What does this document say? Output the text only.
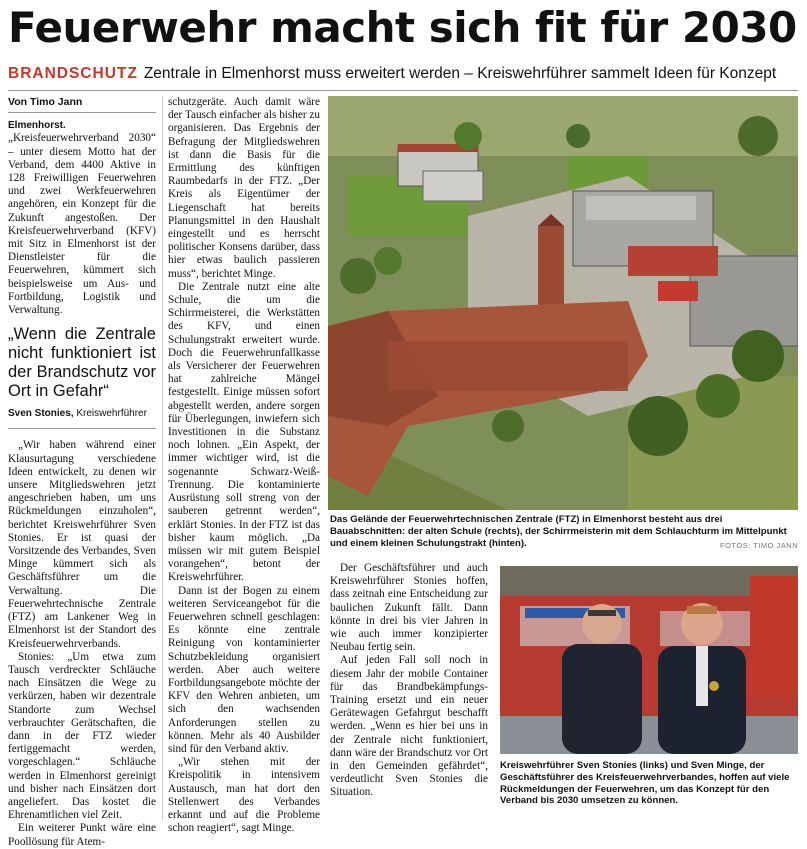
Feuerwehr macht sich fit für 2030
BRANDSCHUTZ Zentrale in Elmenhorst muss erweitert werden – Kreiswehrführer sammelt Ideen für Konzept

Von Timo Jann

Elmenhorst. „Kreisfeuerwehrverband 2030“ – unter diesem Motto hat der Verband, dem 4400 Aktive in 128 Freiwilligen Feuerwehren und zwei Werkfeuerwehren angehören, ein Konzept für die Zukunft angestoßen. Der Kreisfeuerwehrverband (KFV) mit Sitz in Elmenhorst ist der Dienstleister für die Feuerwehren, kümmert sich beispielsweise um Aus- und Fortbildung, Logistik und Verwaltung.

„Wenn die Zentrale nicht funktioniert ist der Brandschutz vor Ort in Gefahr“
Sven Stonies, Kreiswehrführer

„Wir haben während einer Klausurtagung verschiedene Ideen entwickelt, zu denen wir unsere Mitgliedswehren jetzt angeschrieben haben, um uns Rückmeldungen einzuholen“, berichtet Kreiswehrführer Sven Stonies. Er ist quasi der Vorsitzende des Verbandes, Sven Minge kümmert sich als Geschäftsführer um die Verwaltung. Die Feuerwehrtechnische Zentrale (FTZ) am Lankener Weg in Elmenhorst ist der Standort des Kreisfeuerwehrverbands.

Stonies: „Um etwa zum Tausch verdreckter Schläuche nach Einsätzen die Wege zu verkürzen, haben wir dezentrale Standorte zum Wechsel verbrauchter Gerätschaften, die dann in der FTZ wieder fertiggemacht werden, vorgeschlagen.“ Schläuche werden in Elmenhorst gereinigt und bisher nach Einsätzen dort angeliefert. Das kostet die Ehrenamtlichen viel Zeit.

Ein weiterer Punkt wäre eine Poollösung für Atem-

schutzgeräte. Auch damit wäre der Tausch einfacher als bisher zu organisieren. Das Ergebnis der Befragung der Mitgliedswehren ist dann die Basis für die Ermittlung des künftigen Raumbedarfs in der FTZ. „Der Kreis als Eigentümer der Liegenschaft hat bereits Planungsmittel in den Haushalt eingestellt und es herrscht politischer Konsens darüber, dass hier etwas baulich passieren muss“, berichtet Minge.

Die Zentrale nutzt eine alte Schule, die um die Schirrmeisterei, die Werkstätten des KFV, und einen Schulungstrakt erweitert wurde. Doch die Feuerwehrunfallkasse als Versicherer der Feuerwehren hat zahlreiche Mängel festgestellt. Einige müssen sofort abgestellt werden, andere sorgen für Überlegungen, inwiefern sich Investitionen in die Substanz noch lohnen. „Ein Aspekt, der immer wichtiger wird, ist die sogenannte Schwarz-Weiß-Trennung. Die kontaminierte Ausrüstung soll streng von der sauberen getrennt werden“, erklärt Stonies. In der FTZ ist das bisher kaum möglich. „Da müssen wir mit gutem Beispiel vorangehen“, betont der Kreiswehrführer.

Dann ist der Bogen zu einem weiteren Serviceangebot für die Feuerwehren schnell geschlagen: Es könnte eine zentrale Reinigung von kontaminierter Schutzbekleidung organisiert werden. Aber auch weitere Fortbildungsangebote möchte der KFV den Wehren anbieten, um sich den wachsenden Anforderungen stellen zu können. Mehr als 40 Ausbilder sind für den Verband aktiv.

„Wir stehen mit der Kreispolitik in intensivem Austausch, man hat dort den Stellenwert des Verbandes erkannt und auf die Probleme schon reagiert“, sagt Minge.

Das Gelände der Feuerwehrtechnischen Zentrale (FTZ) in Elmenhorst besteht aus drei Bauabschnitten: der alten Schule (rechts), der Schirrmeisterin mit dem Schlauchturm im Mittelpunkt und einem kleinen Schulungstrakt (hinten).	FOTOS: TIMO JANN

Der Geschäftsführer und auch Kreiswehrführer Stonies hoffen, dass zeitnah eine Entscheidung zur baulichen Zukunft fällt. Dann könnte in drei bis vier Jahren in wie auch immer konzipierter Neubau fertig sein.

Auf jeden Fall soll noch in diesem Jahr der mobile Container für das Brandbekämpfungs-Training ersetzt und ein neuer Gerätewagen Gefahrgut beschafft werden. „Wenn es hier bei uns in der Zentrale nicht funktioniert, dann wäre der Brandschutz vor Ort in den Gemeinden gefährdet“, verdeutlicht Sven Stonies die Situation.

Kreiswehrführer Sven Stonies (links) und Sven Minge, der Geschäftsführer des Kreisfeuerwehrverbandes, hoffen auf viele Rückmeldungen der Feuerwehren, um das Konzept für den Verband bis 2030 umsetzen zu können.
